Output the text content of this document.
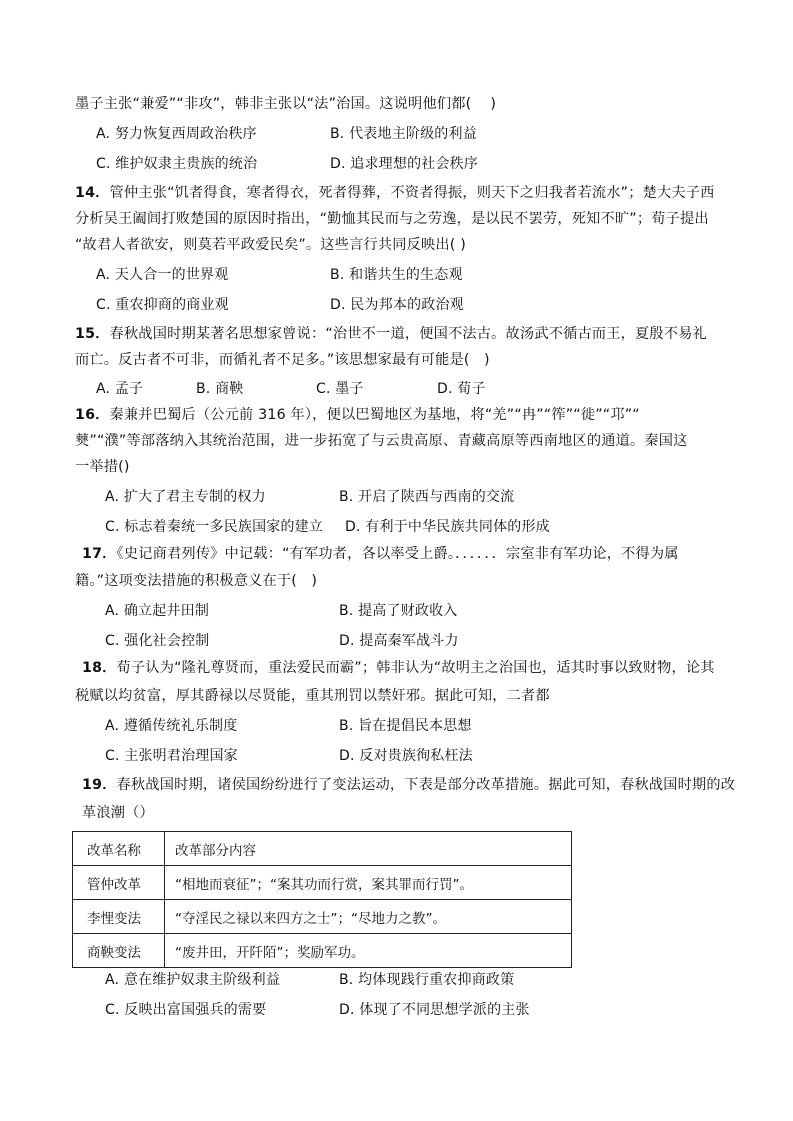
墨子主张“兼爱”“非攻”，韩非主张以“法”治国。这说明他们都(　 )
A. 努力恢复西周政治秩序	B. 代表地主阶级的利益
C. 维护奴隶主贵族的统治	D. 追求理想的社会秩序
14．管仲主张“饥者得食，寒者得衣，死者得葬，不资者得振，则天下之归我者若流水”；楚大夫子西
分析吴王阖闾打败楚国的原因时指出，“勤恤其民而与之劳逸，是以民不罢劳，死知不旷”；荀子提出
“故君人者欲安，则莫若平政爱民矣”。这些言行共同反映出( )
A. 天人合一的世界观	B. 和谐共生的生态观
C. 重农抑商的商业观	D. 民为邦本的政治观
15．春秋战国时期某著名思想家曾说：“治世不一道，便国不法古。故汤武不循古而王，夏殷不易礼
而亡。反古者不可非，而循礼者不足多。”该思想家最有可能是(　)
A. 孟子	B. 商鞅	C. 墨子	D. 荀子
16．秦兼并巴蜀后（公元前 316 年），便以巴蜀地区为基地，将“羌”“冉”“筰”“徙”“邛”“
僰”“濮”等部落纳入其统治范围，进一步拓宽了与云贵高原、青藏高原等西南地区的通道。秦国这
一举措()
A. 扩大了君主专制的权力	B. 开启了陕西与西南的交流
C. 标志着秦统一多民族国家的建立 D. 有利于中华民族共同体的形成
17．《史记商君列传》中记载：“有军功者，各以率受上爵。．．．．．．宗室非有军功论，不得为属
籍。”这项变法措施的积极意义在于(　)
A. 确立起井田制	B. 提高了财政收入
C. 强化社会控制	D. 提高秦军战斗力
18．荀子认为“隆礼尊贤而，重法爱民而霸”；韩非认为“故明主之治国也，适其时事以致财物，论其
税赋以均贫富，厚其爵禄以尽贤能，重其刑罚以禁奸邪。据此可知，二者都
A. 遵循传统礼乐制度	B. 旨在提倡民本思想
C. 主张明君治理国家	D. 反对贵族徇私枉法
19．春秋战国时期，诸侯国纷纷进行了变法运动，下表是部分改革措施。据此可知，春秋战国时期的改
革浪潮（）
改革名称	改革部分内容
管仲改革	“相地而衰征”；“案其功而行赏，案其罪而行罚”。
李悝变法	“夺淫民之禄以来四方之士”；“尽地力之教”。
商鞅变法	“废井田，开阡陌”；奖励军功。
A. 意在维护奴隶主阶级利益	B. 均体现践行重农抑商政策
C. 反映出富国强兵的需要	D. 体现了不同思想学派的主张
